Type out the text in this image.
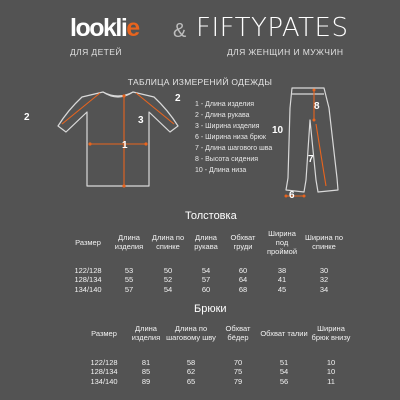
looklie & FIFTYPATES
ДЛЯ ДЕТЕЙ	ДЛЯ ЖЕНЩИН И МУЖЧИН
ТАБЛИЦА ИЗМЕРЕНИЙ ОДЕЖДЫ
2
2
3
1
1 - Длина изделия
2 - Длина рукава
3 - Ширина изделия
6 - Ширина низа брюк
7 - Длина шагового шва
8 - Высота сидения
10 - Длина низа
10
8
7
6
Толстовка
Размер	Длина изделия	Длина по спинке	Длина рукава	Обхват груди	Ширина под проймой	Ширина по спинке

122/128	53	50	54	60	38	30
128/134	55	52	57	64	41	32
134/140	57	54	60	68	45	34
Брюки
Размер	Длина изделия	Длина по шаговому шву	Обхват бёдер	Обхват талии	Ширина брюк внизу

122/128	81	58	70	51	10
128/134	85	62	75	54	10
134/140	89	65	79	56	11
